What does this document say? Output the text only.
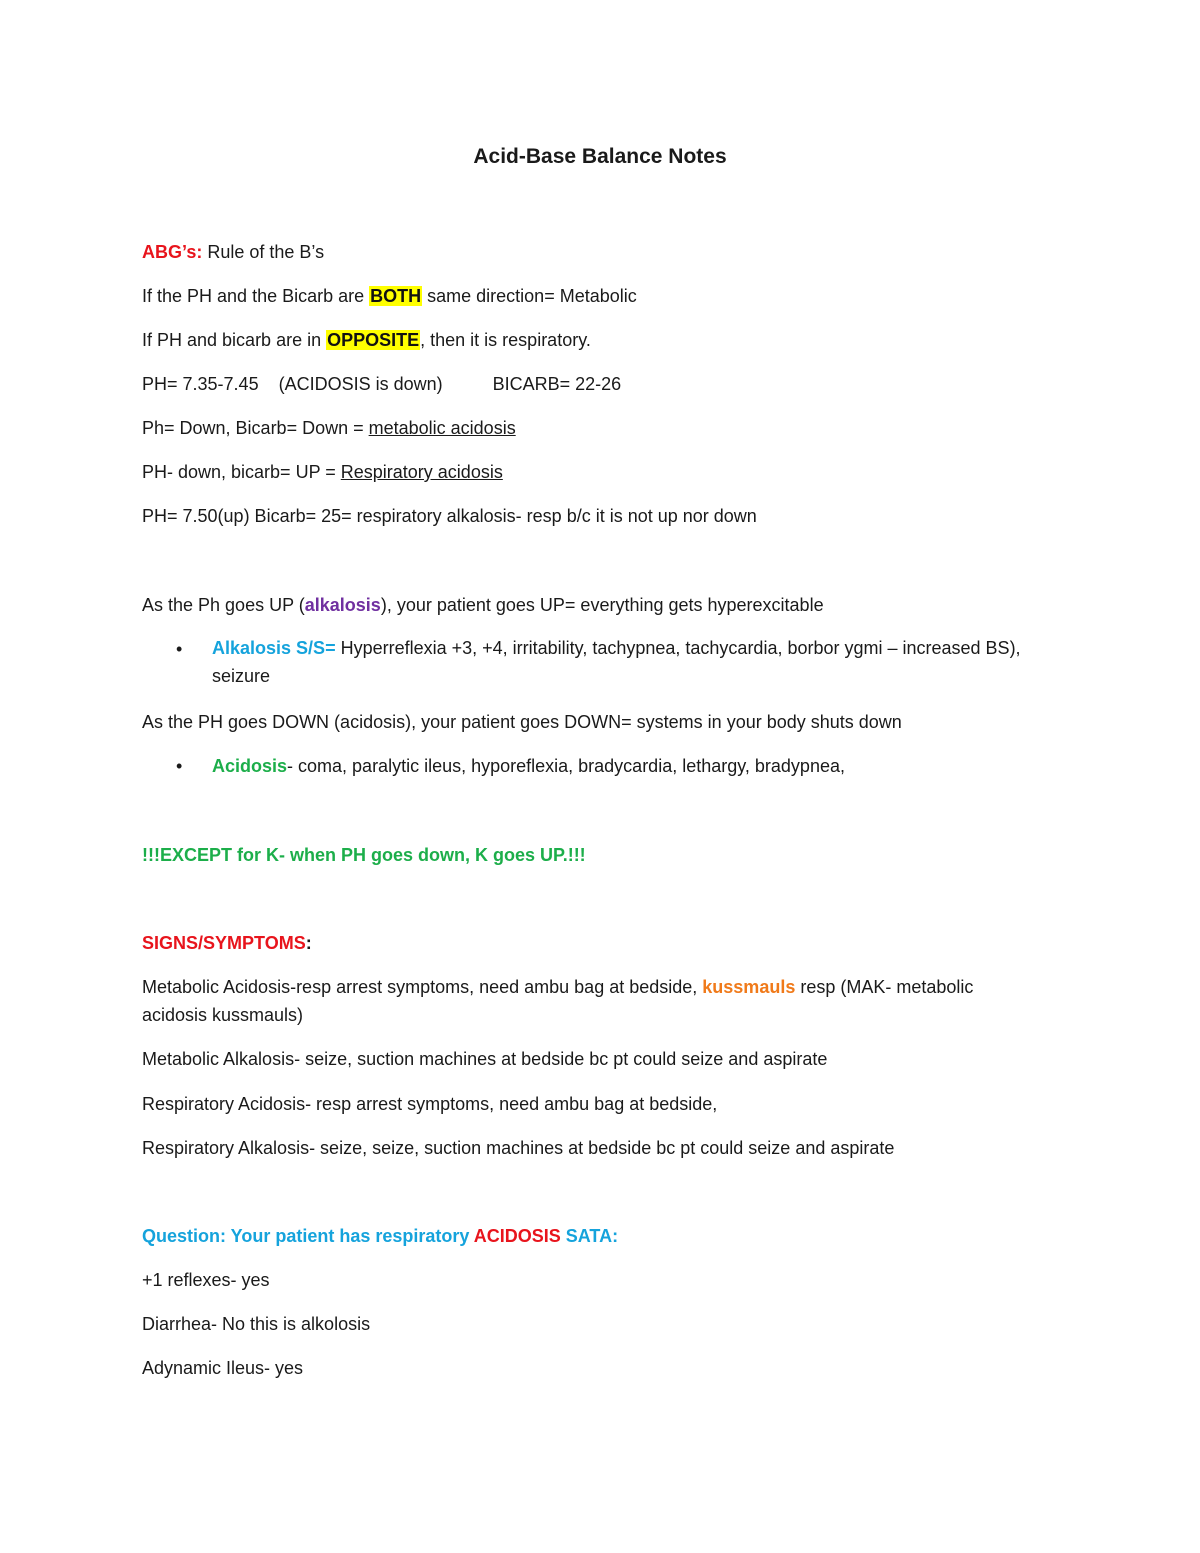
Acid-Base Balance Notes
ABG’s: Rule of the B’s
If the PH and the Bicarb are BOTH same direction= Metabolic
If PH and bicarb are in OPPOSITE, then it is respiratory.
PH= 7.35-7.45    (ACIDOSIS is down)          BICARB= 22-26
Ph= Down, Bicarb= Down = metabolic acidosis
PH- down, bicarb= UP = Respiratory acidosis
PH= 7.50(up) Bicarb= 25= respiratory alkalosis- resp b/c it is not up nor down
As the Ph goes UP (alkalosis), your patient goes UP= everything gets hyperexcitable
• Alkalosis S/S= Hyperreflexia +3, +4, irritability, tachypnea, tachycardia, borbor ygmi – increased BS), seizure
As the PH goes DOWN (acidosis), your patient goes DOWN= systems in your body shuts down
• Acidosis- coma, paralytic ileus, hyporeflexia, bradycardia, lethargy, bradypnea,
!!!EXCEPT for K- when PH goes down, K goes UP.!!!
SIGNS/SYMPTOMS:
Metabolic Acidosis-resp arrest symptoms, need ambu bag at bedside, kussmauls resp (MAK- metabolic
acidosis kussmauls)
Metabolic Alkalosis- seize, suction machines at bedside bc pt could seize and aspirate
Respiratory Acidosis- resp arrest symptoms, need ambu bag at bedside,
Respiratory Alkalosis- seize, seize, suction machines at bedside bc pt could seize and aspirate
Question: Your patient has respiratory ACIDOSIS SATA:
+1 reflexes- yes
Diarrhea- No this is alkolosis
Adynamic Ileus- yes
